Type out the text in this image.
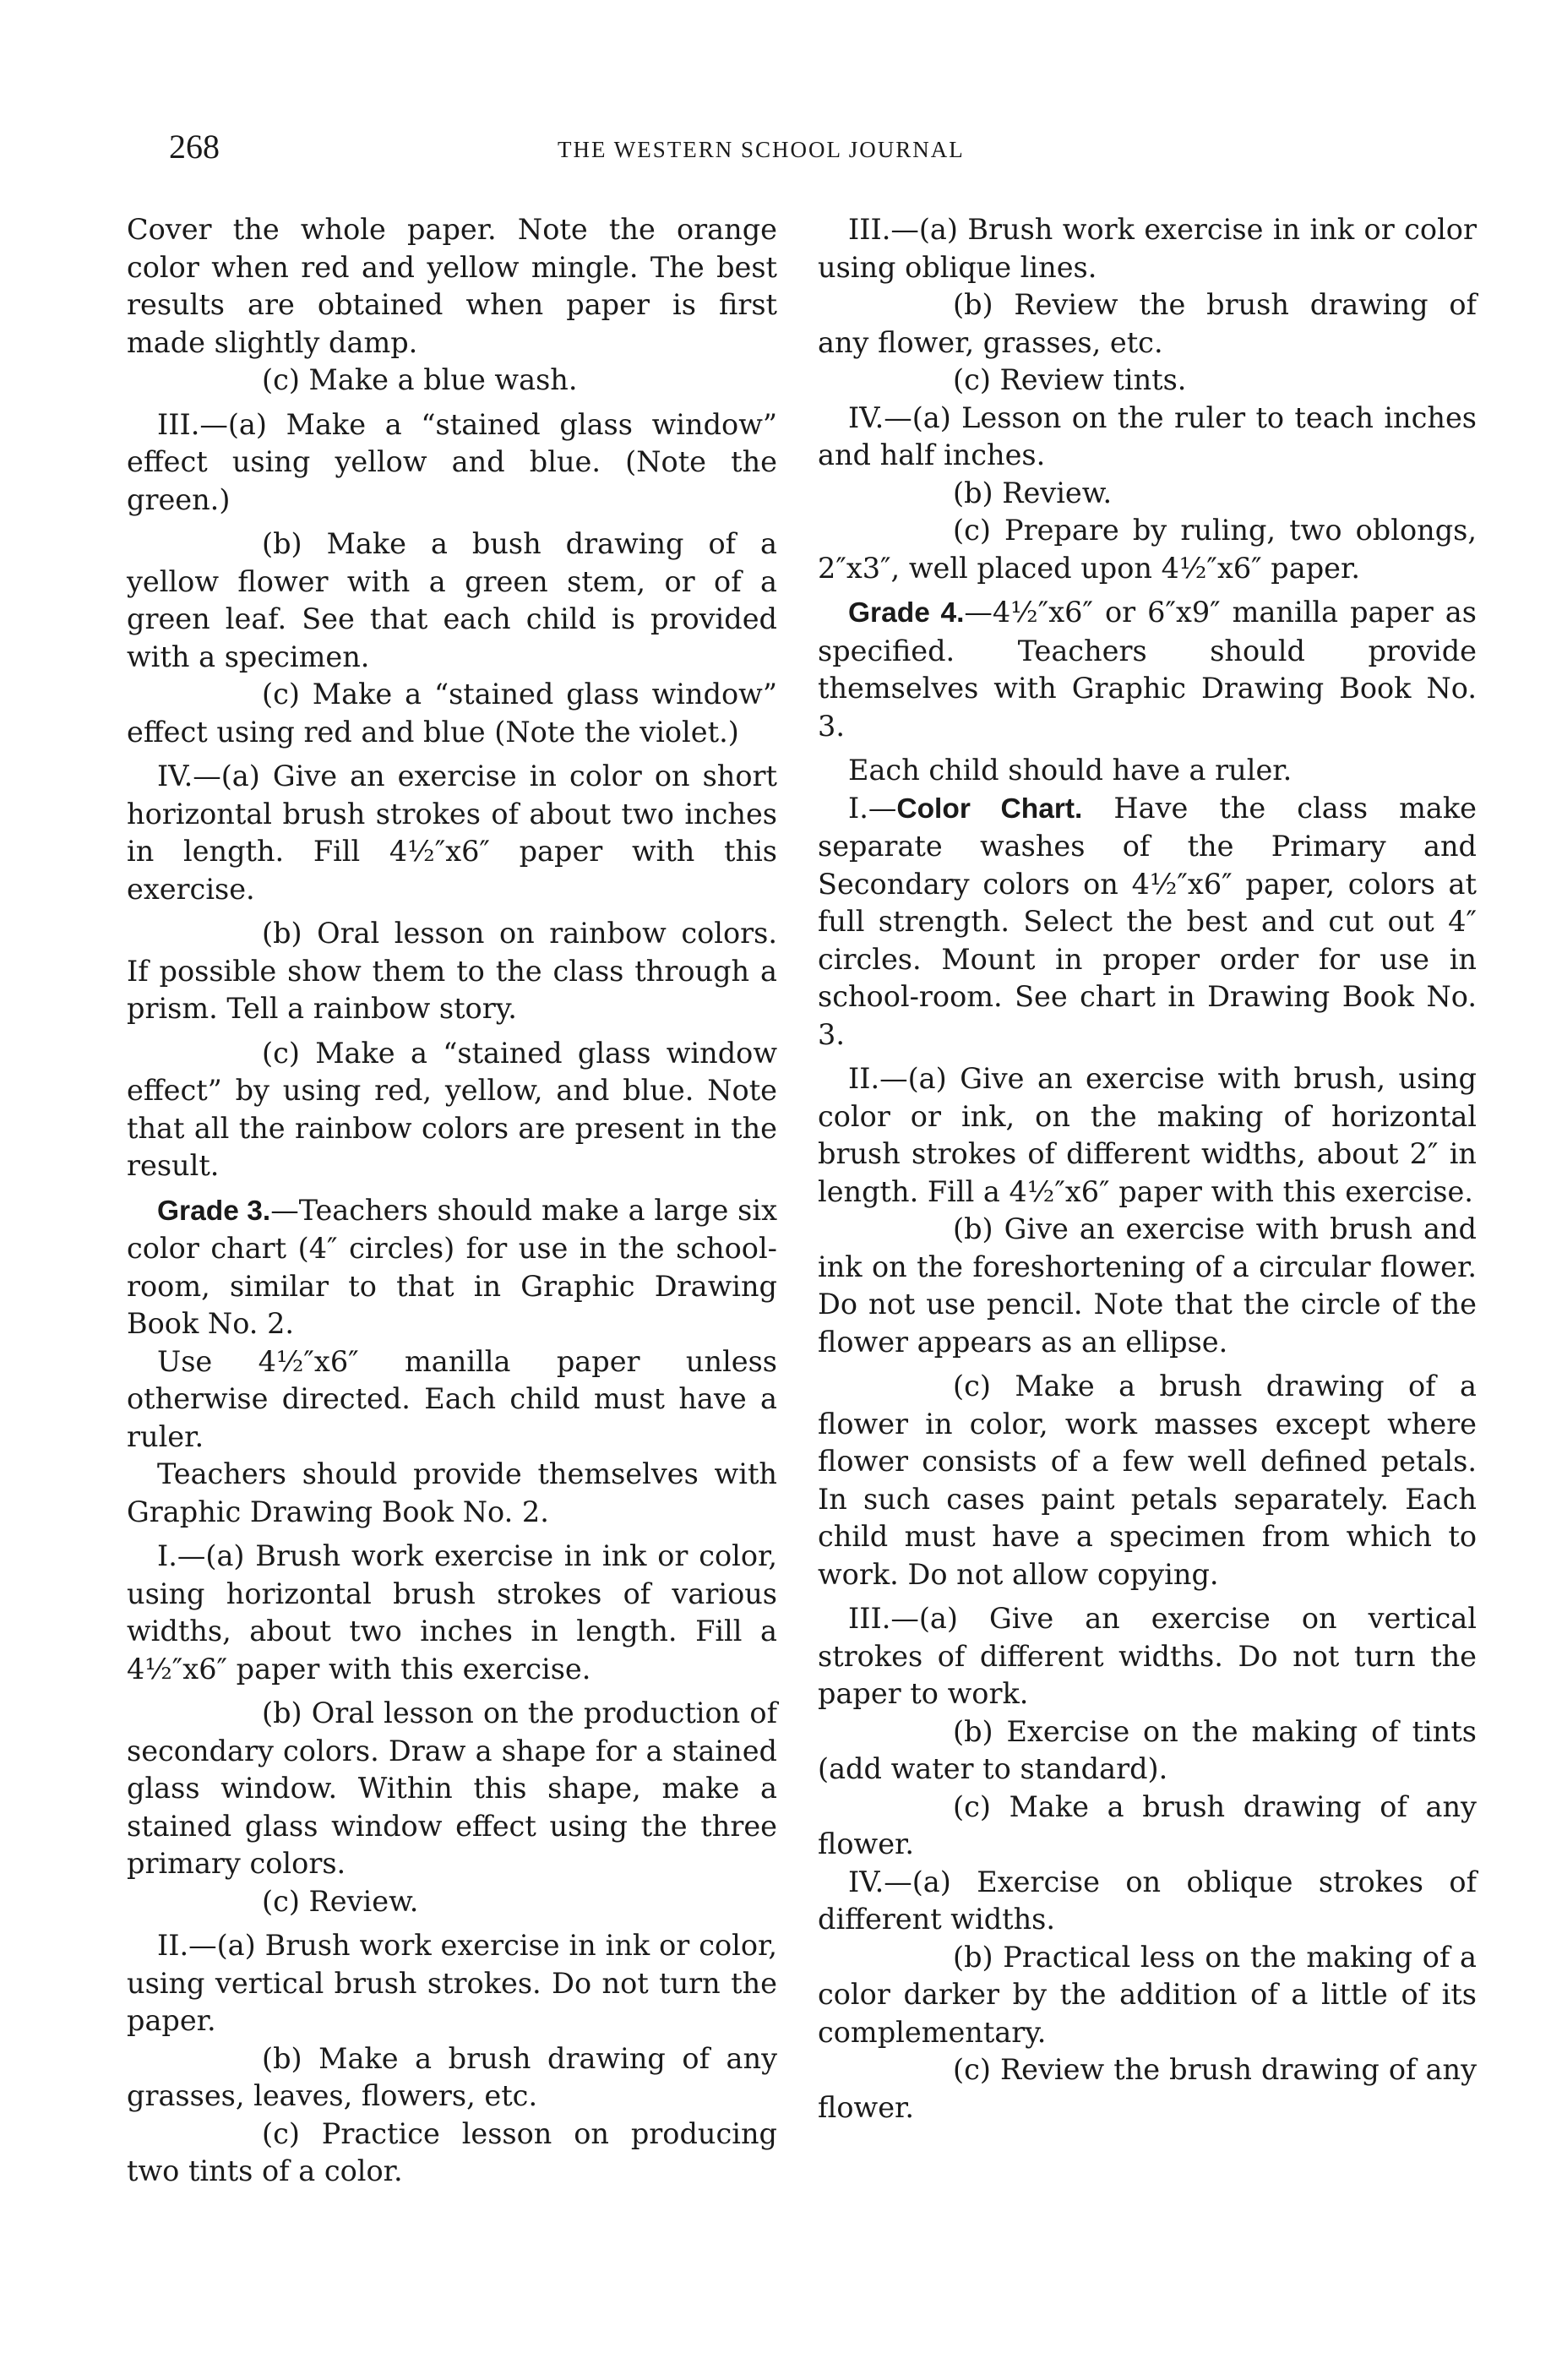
268	THE WESTERN SCHOOL JOURNAL

Cover the whole paper. Note the orange color when red and yellow mingle. The best results are obtained when paper is first made slightly damp.

(c) Make a blue wash.

III.—(a) Make a “stained glass window” effect using yellow and blue. (Note the green.)

(b) Make a bush drawing of a yellow flower with a green stem, or of a green leaf. See that each child is provided with a specimen.

(c) Make a “stained glass window” effect using red and blue (Note the violet.)

IV.—(a) Give an exercise in color on short horizontal brush strokes of about two inches in length. Fill 4½″x6″ paper with this exercise.

(b) Oral lesson on rainbow colors. If possible show them to the class through a prism. Tell a rainbow story.

(c) Make a “stained glass window effect” by using red, yellow, and blue. Note that all the rainbow colors are present in the result.

Grade 3.—Teachers should make a large six color chart (4″ circles) for use in the school-room, similar to that in Graphic Drawing Book No. 2.

Use 4½″x6″ manilla paper unless otherwise directed. Each child must have a ruler.

Teachers should provide themselves with Graphic Drawing Book No. 2.

I.—(a) Brush work exercise in ink or color, using horizontal brush strokes of various widths, about two inches in length. Fill a 4½″x6″ paper with this exercise.

(b) Oral lesson on the production of secondary colors. Draw a shape for a stained glass window. Within this shape, make a stained glass window effect using the three primary colors.

(c) Review.

II.—(a) Brush work exercise in ink or color, using vertical brush strokes. Do not turn the paper.

(b) Make a brush drawing of any grasses, leaves, flowers, etc.

(c) Practice lesson on producing two tints of a color.

III.—(a) Brush work exercise in ink or color using oblique lines.

(b) Review the brush drawing of any flower, grasses, etc.

(c) Review tints.

IV.—(a) Lesson on the ruler to teach inches and half inches.

(b) Review.

(c) Prepare by ruling, two oblongs, 2″x3″, well placed upon 4½″x6″ paper.

Grade 4.—4½″x6″ or 6″x9″ manilla paper as specified. Teachers should provide themselves with Graphic Drawing Book No. 3.

Each child should have a ruler.

I.—Color Chart. Have the class make separate washes of the Primary and Secondary colors on 4½″x6″ paper, colors at full strength. Select the best and cut out 4″ circles. Mount in proper order for use in school-room. See chart in Drawing Book No. 3.

II.—(a) Give an exercise with brush, using color or ink, on the making of horizontal brush strokes of different widths, about 2″ in length. Fill a 4½″x6″ paper with this exercise.

(b) Give an exercise with brush and ink on the foreshortening of a circular flower. Do not use pencil. Note that the circle of the flower appears as an ellipse.

(c) Make a brush drawing of a flower in color, work masses except where flower consists of a few well defined petals. In such cases paint petals separately. Each child must have a specimen from which to work. Do not allow copying.

III.—(a) Give an exercise on vertical strokes of different widths. Do not turn the paper to work.

(b) Exercise on the making of tints (add water to standard).

(c) Make a brush drawing of any flower.

IV.—(a) Exercise on oblique strokes of different widths.

(b) Practical less on the making of a color darker by the addition of a little of its complementary.

(c) Review the brush drawing of any flower.
